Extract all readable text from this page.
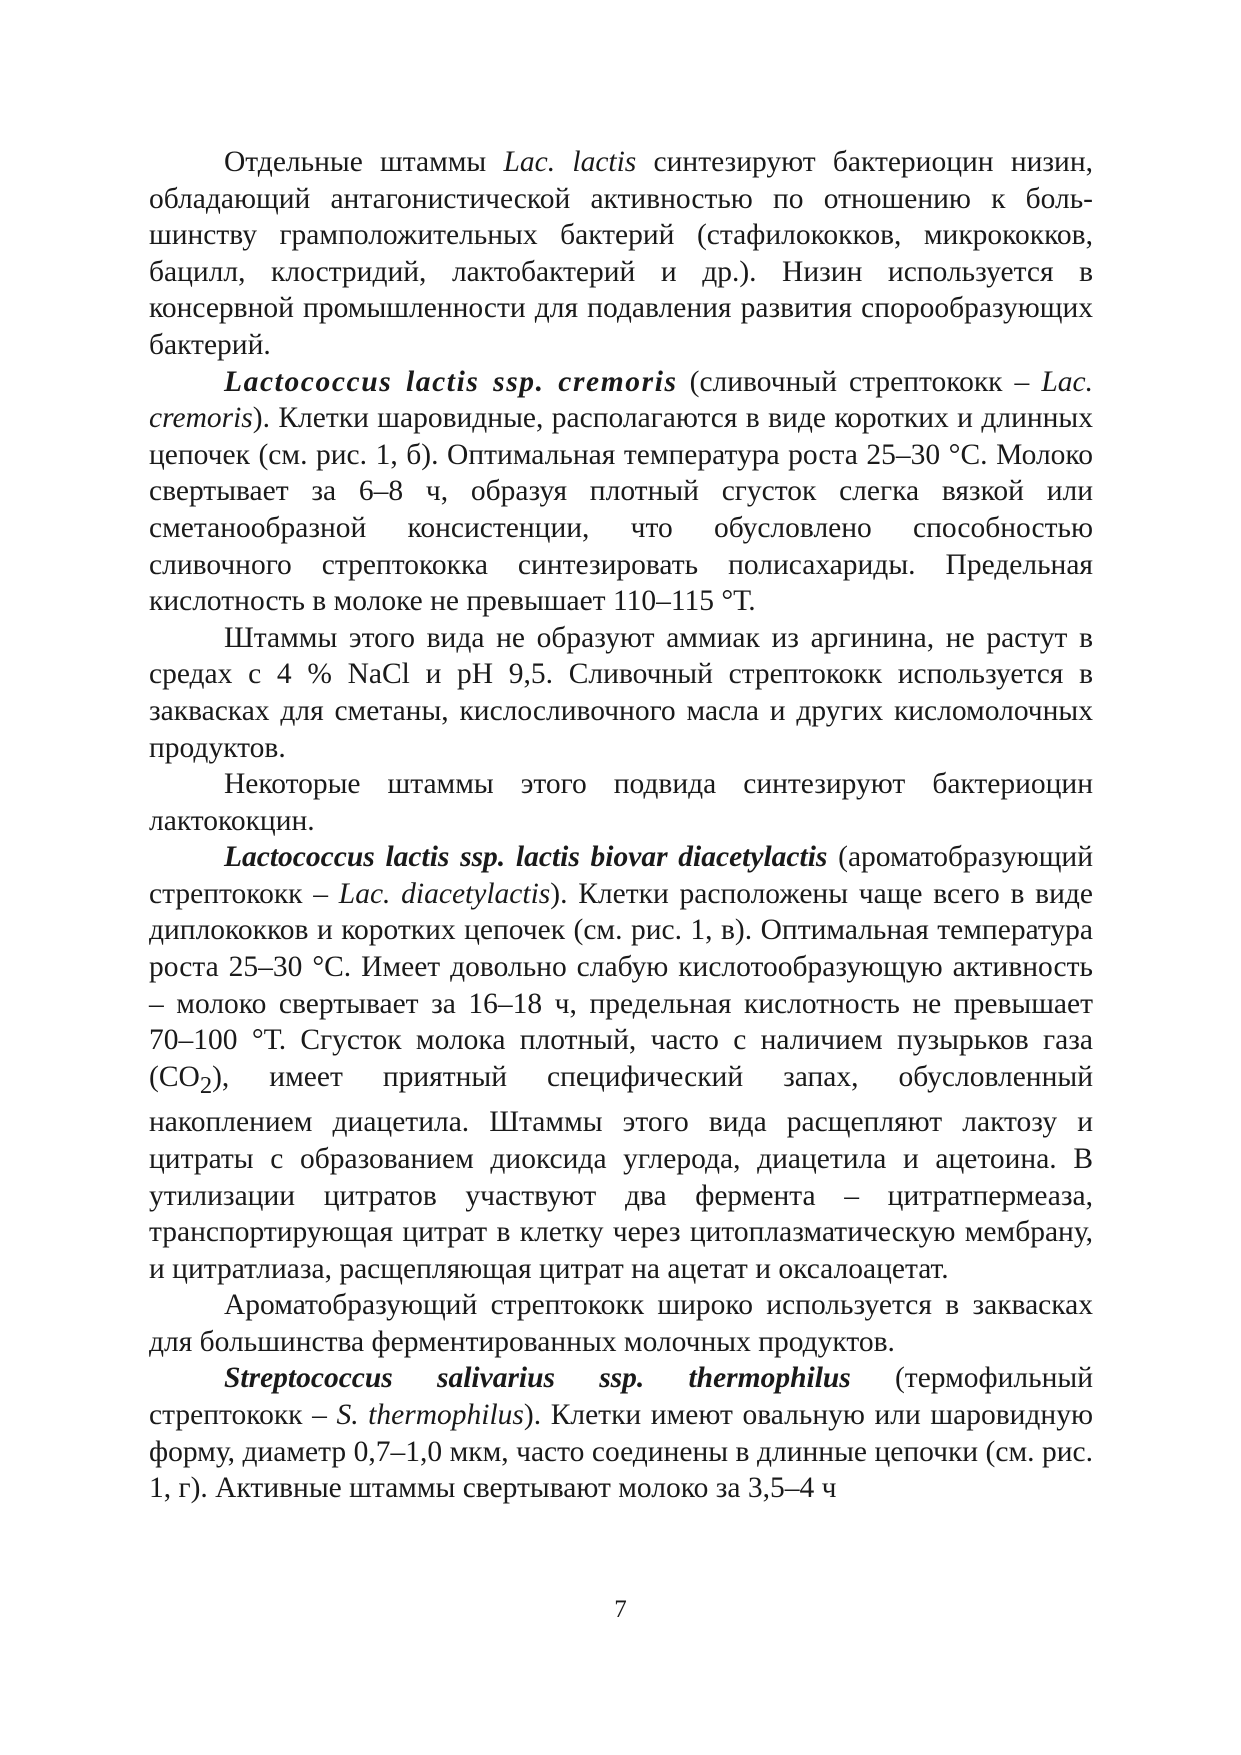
Отдельные штаммы Lac. lactis синтезируют бактериоцин низин, обладающий антагонистической активностью по отношению к большинству грамположительных бактерий (стафилококков, микрококков, бацилл, клостридий, лактобактерий и др.). Низин используется в консервной промышленности для подавления развития спорообразующих бактерий.

Lactococcus lactis ssp. cremoris (сливочный стрептококк – Lac. cremoris). Клетки шаровидные, располагаются в виде коротких и длинных цепочек (см. рис. 1, б). Оптимальная температура роста 25–30 °С. Молоко свертывает за 6–8 ч, образуя плотный сгусток слегка вязкой или сметанообразной консистенции, что обусловлено способностью сливочного стрептококка синтезировать полисахариды. Предельная кислотность в молоке не превышает 110–115 °Т.

Штаммы этого вида не образуют аммиак из аргинина, не растут в средах с 4 % NaCl и рН 9,5. Сливочный стрептококк используется в заквасках для сметаны, кислосливочного масла и других кисломолочных продуктов.

Некоторые штаммы этого подвида синтезируют бактериоцин лактококцин.

Lactococcus lactis ssp. lactis biovar diacetylactis (ароматобразующий стрептококк – Lac. diacetylactis). Клетки расположены чаще всего в виде диплококков и коротких цепочек (см. рис. 1, в). Оптимальная температура роста 25–30 °С. Имеет довольно слабую кислотообразующую активность – молоко свертывает за 16–18 ч, предельная кислотность не превышает 70–100 °Т. Сгусток молока плотный, часто с наличием пузырьков газа $(СО_2)$, имеет приятный специфический запах, обусловленный накоплением диацетила. Штаммы этого вида расщепляют лактозу и цитраты с образованием диоксида углерода, диацетила и ацетоина. В утилизации цитратов участвуют два фермента – цитратпермеаза, транспортирующая цитрат в клетку через цитоплазматическую мембрану, и цитратлиаза, расщепляющая цитрат на ацетат и оксалоацетат.

Ароматобразующий стрептококк широко используется в заквасках для большинства ферментированных молочных продуктов.

Streptococcus salivarius ssp. thermophilus (термофильный стрептококк – S. thermophilus). Клетки имеют овальную или шаровидную форму, диаметр 0,7–1,0 мкм, часто соединены в длинные цепочки (см. рис. 1, г). Активные штаммы свертывают молоко за 3,5–4 ч

7
